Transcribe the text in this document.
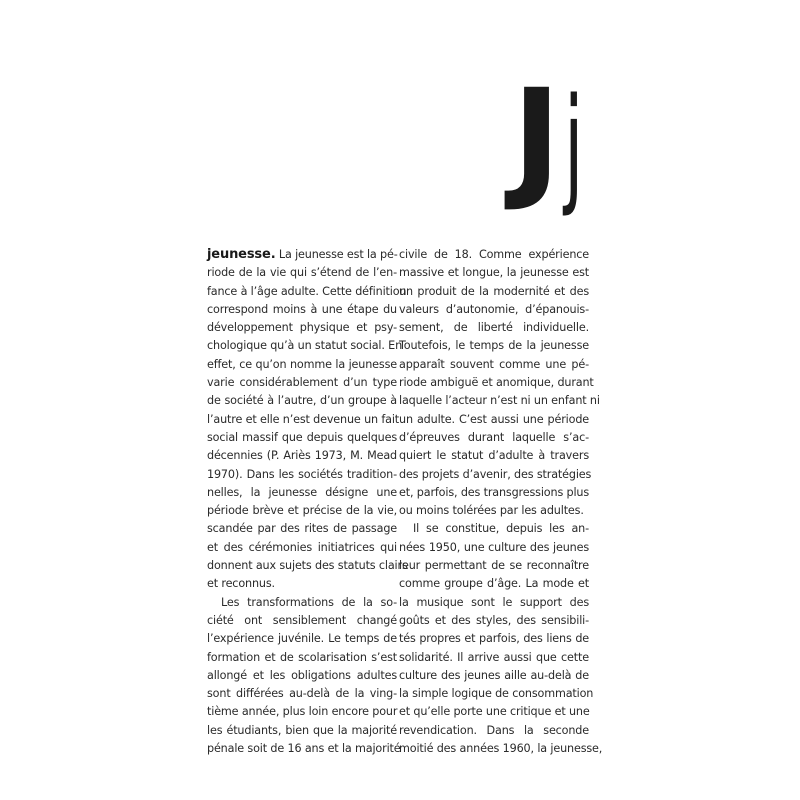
J j
jeunesse. La jeunesse est la pé-
riode de la vie qui s’étend de l’en-
fance à l’âge adulte. Cette définition
correspond moins à une étape du
développement physique et psy-
chologique qu’à un statut social. En
effet, ce qu’on nomme la jeunesse
varie considérablement d’un type
de société à l’autre, d’un groupe à
l’autre et elle n’est devenue un fait
social massif que depuis quelques
décennies (P. Ariès 1973, M. Mead
1970). Dans les sociétés tradition-
nelles, la jeunesse désigne une
période brève et précise de la vie,
scandée par des rites de passage
et des cérémonies initiatrices qui
donnent aux sujets des statuts clairs
et reconnus.
Les transformations de la so-
ciété ont sensiblement changé
l’expérience juvénile. Le temps de
formation et de scolarisation s’est
allongé et les obligations adultes
sont différées au-delà de la ving-
tième année, plus loin encore pour
les étudiants, bien que la majorité
pénale soit de 16 ans et la majorité
civile de 18. Comme expérience
massive et longue, la jeunesse est
un produit de la modernité et des
valeurs d’autonomie, d’épanouis-
sement, de liberté individuelle.
Toutefois, le temps de la jeunesse
apparaît souvent comme une pé-
riode ambiguë et anomique, durant
laquelle l’acteur n’est ni un enfant ni
un adulte. C’est aussi une période
d’épreuves durant laquelle s’ac-
quiert le statut d’adulte à travers
des projets d’avenir, des stratégies
et, parfois, des transgressions plus
ou moins tolérées par les adultes.
Il se constitue, depuis les an-
nées 1950, une culture des jeunes
leur permettant de se reconnaître
comme groupe d’âge. La mode et
la musique sont le support des
goûts et des styles, des sensibili-
tés propres et parfois, des liens de
solidarité. Il arrive aussi que cette
culture des jeunes aille au-delà de
la simple logique de consommation
et qu’elle porte une critique et une
revendication. Dans la seconde
moitié des années 1960, la jeunesse,
